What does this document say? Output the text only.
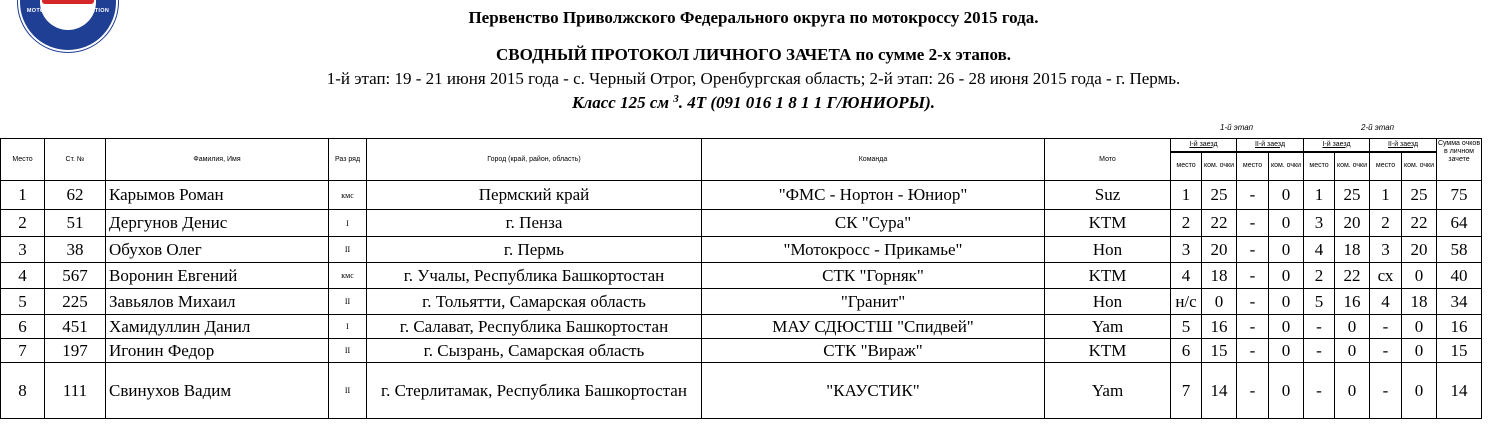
MOTORCYCLE FEDERATION OF RUSSIA	Первенство Приволжского Федерального округа по мотокроссу 2015 года.
СВОДНЫЙ ПРОТОКОЛ ЛИЧНОГО ЗАЧЕТА по сумме 2-х этапов.
1-й этап: 19 - 21 июня 2015 года - с. Черный Отрог, Оренбургская область; 2-й этап: 26 - 28 июня 2015 года - г. Пермь.
Класс 125 см $^3$. 4Т (091 016 1 8 1 1 Г/ЮНИОРЫ).
1-й этап	2-й этап
Место	Ст. №	Фамилия, Имя	Раз ряд	Город (край, район, область)	Команда	Мото	I-й заезд		II-й заезд		I-й заезд		II-й заезд		Сумма очков в личном зачете
							место	ком. очки	место	ком. очки	место	ком. очки	место	ком. очки	
1	62	Карымов Роман	кмс	Пермский край	"ФМС - Нортон - Юниор"	Suz	1	25	-	0	1	25	1	25	75
2	51	Дергунов Денис	I	г. Пенза	СК "Сура"	KTM	2	22	-	0	3	20	2	22	64
3	38	Обухов Олег	II	г. Пермь	"Мотокросс - Прикамье"	Hon	3	20	-	0	4	18	3	20	58
4	567	Воронин Евгений	кмс	г. Учалы, Республика Башкортостан	СТК "Горняк"	KTM	4	18	-	0	2	22	сх	0	40
5	225	Завьялов Михаил	II	г. Тольятти, Самарская область	"Гранит"	Hon	н/с	0	-	0	5	16	4	18	34
6	451	Хамидуллин Данил	I	г. Салават, Республика Башкортостан	МАУ СДЮСТШ "Спидвей"	Yam	5	16	-	0	-	0	-	0	16
7	197	Игонин Федор	II	г. Сызрань, Самарская область	СТК "Вираж"	KTM	6	15	-	0	-	0	-	0	15
8	111	Свинухов Вадим	II	г. Стерлитамак, Республика Башкортостан	"КАУСТИК"	Yam	7	14	-	0	-	0	-	0	14
